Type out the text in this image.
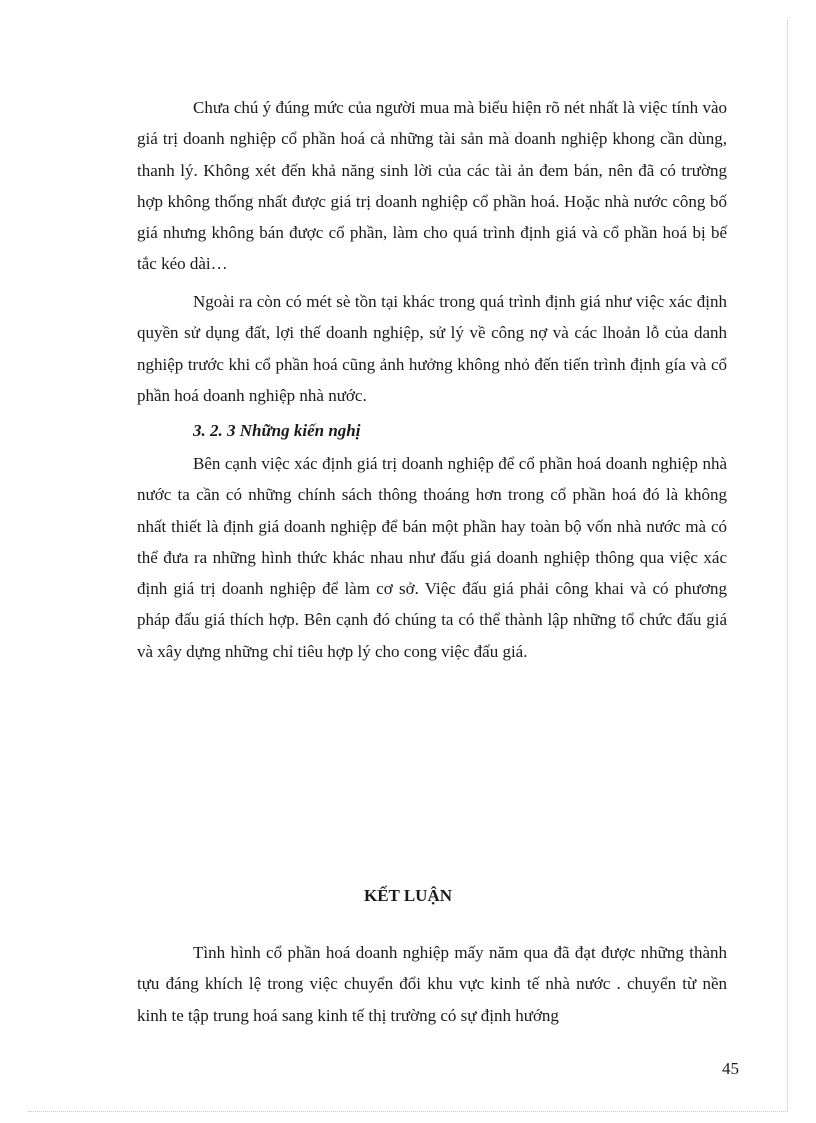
Chưa chú ý đúng mức của người mua mà biểu hiện rõ nét nhất là việc tính vào giá trị doanh nghiệp cổ phần hoá cả những tài sản mà doanh nghiệp khong cần dùng, thanh lý. Không xét đến khả năng sinh lời của các tài ản đem bán, nên đã có trường hợp không thống nhất được giá trị doanh nghiệp cổ phần hoá. Hoặc nhà nước công bố giá nhưng không bán được cổ phần, làm cho quá trình định giá và cổ phần hoá bị bế tắc kéo dài…

Ngoài ra còn có mét sè tồn tại khác trong quá trình định giá như việc xác định quyền sử dụng đất, lợi thế doanh nghiệp, sử lý về công nợ và các lhoản lỗ của danh nghiệp trước khi cổ phần hoá cũng ảnh hưởng không nhỏ đến tiến trình định gía và cổ phần hoá doanh nghiệp nhà nước.

3. 2. 3 Những kiến nghị

Bên cạnh việc xác định giá trị doanh nghiệp để cổ phần hoá doanh nghiệp nhà nước ta cần có những chính sách thông thoáng hơn trong cổ phần hoá đó là không nhất thiết là định giá doanh nghiệp để bán một phần hay toàn bộ vốn nhà nước mà có thể đưa ra những hình thức khác nhau như đấu giá doanh nghiệp thông qua việc xác định giá trị doanh nghiệp để làm cơ sở. Việc đấu giá phải công khai và có phương pháp đấu giá thích hợp. Bên cạnh đó chúng ta có thể thành lập những tổ chức đấu giá và xây dựng những chỉ tiêu hợp lý cho cong việc đấu giá.

KẾT LUẬN

Tình hình cổ phần hoá doanh nghiệp mấy năm qua đã đạt được những thành tựu đáng khích lệ trong việc chuyển đổi khu vực kinh tế nhà nước . chuyển từ nền kinh te tập trung hoá sang kinh tế thị trường có sự định hướng

45
